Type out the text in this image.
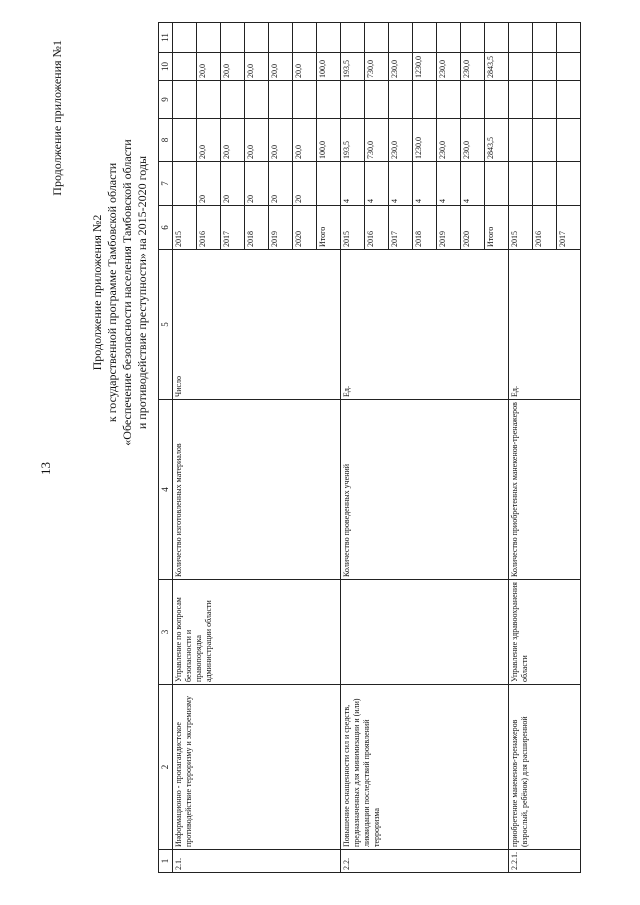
13
Продолжение приложения №1
Продолжение приложения №2 к государственной программе Тамбовской области «Обеспечение безопасности населения Тамбовской области и противодействие преступности» на 2015-2020 годы
1	2	3	4	5	6	7	8	9	10	11	
2.1.	Информационно - пропагандистское противодействие терроризму и экстремизму	Управление по вопросам безопасности и правопорядка администрации области	Количество изготовленных материалов	Число	2015						
					2016	20	20,0		20,0		
					2017	20	20,0		20,0		
					2018	20	20,0		20,0		
					2019	20	20,0		20,0		
					2020	20	20,0		20,0		
					Итого		100,0		100,0		
2.2.	Повышение оснащенности сил и средств, предназначенных для минимизации и (или) ликвидации последствий проявлений терроризма		Количество проведенных учений	Ед.	2015	4	193,5		193,5		
					2016	4	730,0		730,0		
					2017	4	230,0		230,0		
					2018	4	1230,0		1230,0		
					2019	4	230,0		230,0		
					2020	4	230,0		230,0		
					Итого		2843,5		2843,5		
2.2.1.	приобретение манекенов-тренажеров (взрослый, ребёнок) для расширенной	Управление здравоохранения области	Количество приобретенных манекенов-тренажеров	Ед.	2015						
					2016						
					2017						
